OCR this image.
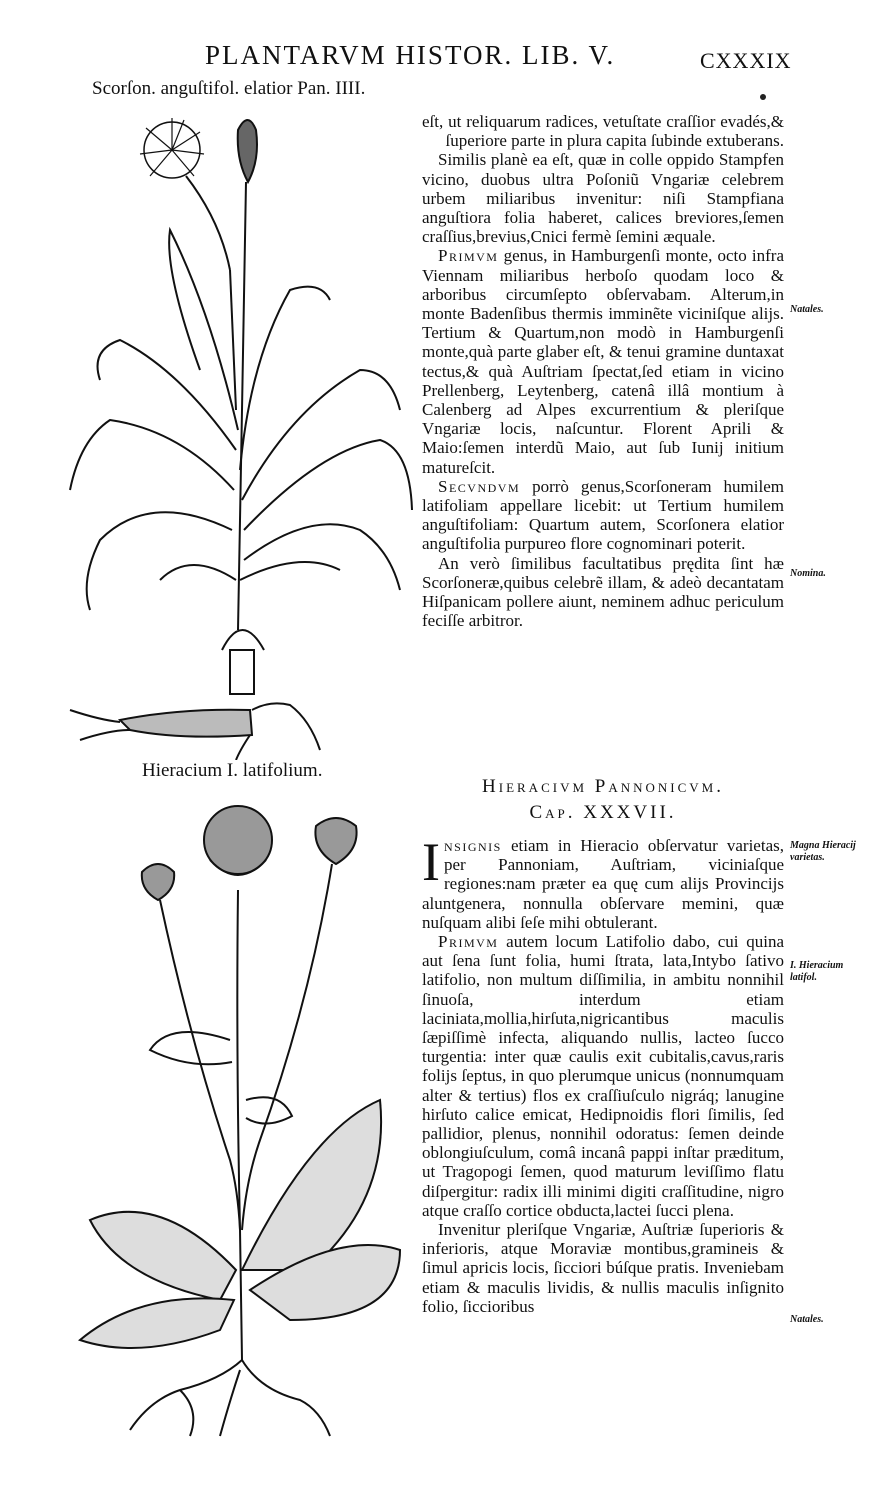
PLANTARVM HISTOR. LIB. V.	CXXXIX
Scorſon. anguſtifol. elatior Pan. IIII.
Hieracium I. latifolium.

eſt, ut reliquarum radices, vetuſtate craſſior evadés,& ſuperiore parte in plura capita ſubinde extuberans.

Similis planè ea eſt, quæ in colle oppido Stampfen vicino, duobus ultra Poſoniũ Vngariæ celebrem urbem miliaribus invenitur: niſi Stampfiana anguſtiora folia haberet, calices breviores,ſemen craſſius,brevius,Cnici fermè ſemini æquale.

Primvm genus, in Hamburgenſi monte, octo infra Viennam miliaribus herboſo quodam loco & arboribus circumſepto obſervabam. Alterum,in monte Badenſibus thermis imminẽte viciniſque alijs. Tertium & Quartum,non modò in Hamburgenſi monte,quà parte glaber eſt, & tenui gramine duntaxat tectus,& quà Auſtriam ſpectat,ſed etiam in vicino Prellenberg, Leytenberg, catenâ illâ montium à Calenberg ad Alpes excurrentium & pleriſque Vngariæ locis, naſcuntur. Florent Aprili & Maio:ſemen interdũ Maio, aut ſub Iunij initium matureſcit.

Secvndvm porrò genus,Scorſoneram humilem latifoliam appellare licebit: ut Tertium humilem anguſtifoliam: Quartum autem, Scorſonera elatior anguſtifolia purpureo flore cognominari poterit.

An verò ſimilibus facultatibus prędita ſint hæ Scorſoneræ,quibus celebrẽ illam, & adeò decantatam Hiſpanicam pollere aiunt, neminem adhuc periculum feciſſe arbitror.

Hieracivm Pannonicvm.
Cap. XXXVII.

Insignis etiam in Hieracio obſervatur varietas, per Pannoniam, Auſtriam, viciniaſque regiones:nam præter ea quę cum alijs Provincijs aluntgenera, nonnulla obſervare memini, quæ nuſquam alibi ſeſe mihi obtulerant.

Primvm autem locum Latifolio dabo, cui quina aut ſena ſunt folia, humi ſtrata, lata,Intybo ſativo latifolio, non multum diſſimilia, in ambitu nonnihil ſinuoſa, interdum etiam laciniata,mollia,hirſuta,nigricantibus maculis ſæpiſſimè infecta, aliquando nullis, lacteo ſucco turgentia: inter quæ caulis exit cubitalis,cavus,raris folijs ſeptus, in quo plerumque unicus (nonnumquam alter & tertius) flos ex craſſiuſculo nigráq; lanugine hirſuto calice emicat, Hedipnoidis flori ſimilis, ſed pallidior, plenus, nonnihil odoratus: ſemen deinde oblongiuſculum, comâ incanâ pappi inſtar præditum, ut Tragopogi ſemen, quod maturum leviſſimo flatu diſpergitur: radix illi minimi digiti craſſitudine, nigro atque craſſo cortice obducta,lactei ſucci plena.

Invenitur pleriſque Vngariæ, Auſtriæ ſuperioris & inferioris, atque Moraviæ montibus,gramineis & ſimul apricis locis, ſicciori búſque pratis. Inveniebam etiam & maculis lividis, & nullis maculis inſignito folio, ſiccioribus

Natales.
Nomina.
Magna Hieracij varietas.
I. Hieracium latifol.
Natales.
